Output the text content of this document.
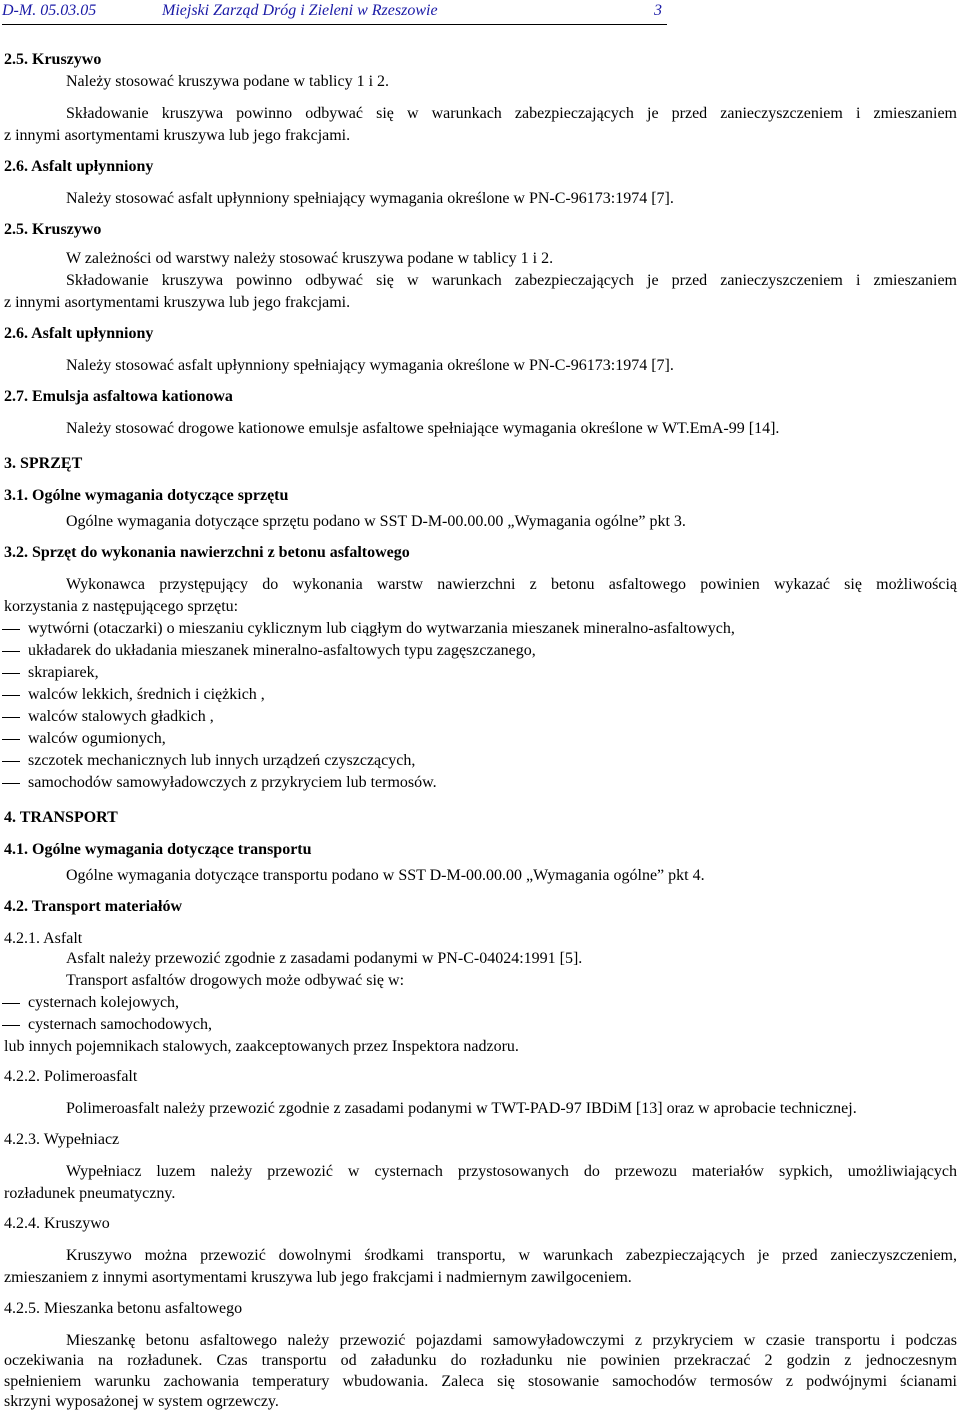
D-M. 05.03.05	Miejski Zarząd Dróg i Zieleni w Rzeszowie	3
2.5. Kruszywo
Należy stosować kruszywa podane w tablicy 1 i 2.
Składowanie kruszywa powinno odbywać się w warunkach zabezpieczających je przed zanieczyszczeniem i zmieszaniem
z innymi asortymentami kruszywa lub jego frakcjami.
2.6. Asfalt upłynniony
Należy stosować asfalt upłynniony spełniający wymagania określone w PN-C-96173:1974 [7].
2.5. Kruszywo
W zależności od warstwy należy stosować kruszywa podane w tablicy 1 i 2.
Składowanie kruszywa powinno odbywać się w warunkach zabezpieczających je przed zanieczyszczeniem i zmieszaniem
z innymi asortymentami kruszywa lub jego frakcjami.
2.6. Asfalt upłynniony
Należy stosować asfalt upłynniony spełniający wymagania określone w PN-C-96173:1974 [7].
2.7. Emulsja asfaltowa kationowa
Należy stosować drogowe kationowe emulsje asfaltowe spełniające wymagania określone w WT.EmA-99 [14].
3. SPRZĘT
3.1. Ogólne wymagania dotyczące sprzętu
Ogólne wymagania dotyczące sprzętu podano w SST D-M-00.00.00 „Wymagania ogólne” pkt 3.
3.2. Sprzęt do wykonania nawierzchni z betonu asfaltowego
Wykonawca przystępujący do wykonania warstw nawierzchni z betonu asfaltowego powinien wykazać się możliwością
korzystania z następującego sprzętu:
wytwórni (otaczarki) o mieszaniu cyklicznym lub ciągłym do wytwarzania mieszanek mineralno-asfaltowych,
układarek do układania mieszanek mineralno-asfaltowych typu zagęszczanego,
skrapiarek,
walców lekkich, średnich i ciężkich ,
walców stalowych gładkich ,
walców ogumionych,
szczotek mechanicznych lub innych urządzeń czyszczących,
samochodów samowyładowczych z przykryciem lub termosów.
4. TRANSPORT
4.1. Ogólne wymagania dotyczące transportu
Ogólne wymagania dotyczące transportu podano w SST D-M-00.00.00 „Wymagania ogólne” pkt 4.
4.2. Transport materiałów
4.2.1. Asfalt
Asfalt należy przewozić zgodnie z zasadami podanymi w PN-C-04024:1991 [5].
Transport asfaltów drogowych może odbywać się w:
cysternach kolejowych,
cysternach samochodowych,
lub innych pojemnikach stalowych, zaakceptowanych przez Inspektora nadzoru.
4.2.2. Polimeroasfalt
Polimeroasfalt należy przewozić zgodnie z zasadami podanymi w TWT-PAD-97 IBDiM [13] oraz w aprobacie technicznej.
4.2.3. Wypełniacz
Wypełniacz luzem należy przewozić w cysternach przystosowanych do przewozu materiałów sypkich, umożliwiających
rozładunek pneumatyczny.
4.2.4. Kruszywo
Kruszywo można przewozić dowolnymi środkami transportu, w warunkach zabezpieczających je przed zanieczyszczeniem,
zmieszaniem z innymi asortymentami kruszywa lub jego frakcjami i nadmiernym zawilgoceniem.
4.2.5. Mieszanka betonu asfaltowego
Mieszankę betonu asfaltowego należy przewozić pojazdami samowyładowczymi z przykryciem w czasie transportu i podczas
oczekiwania na rozładunek. Czas transportu od załadunku do rozładunku nie powinien przekraczać 2 godzin z jednoczesnym
spełnieniem warunku zachowania temperatury wbudowania. Zaleca się stosowanie samochodów termosów z podwójnymi ścianami
skrzyni wyposażonej w system ogrzewczy.
